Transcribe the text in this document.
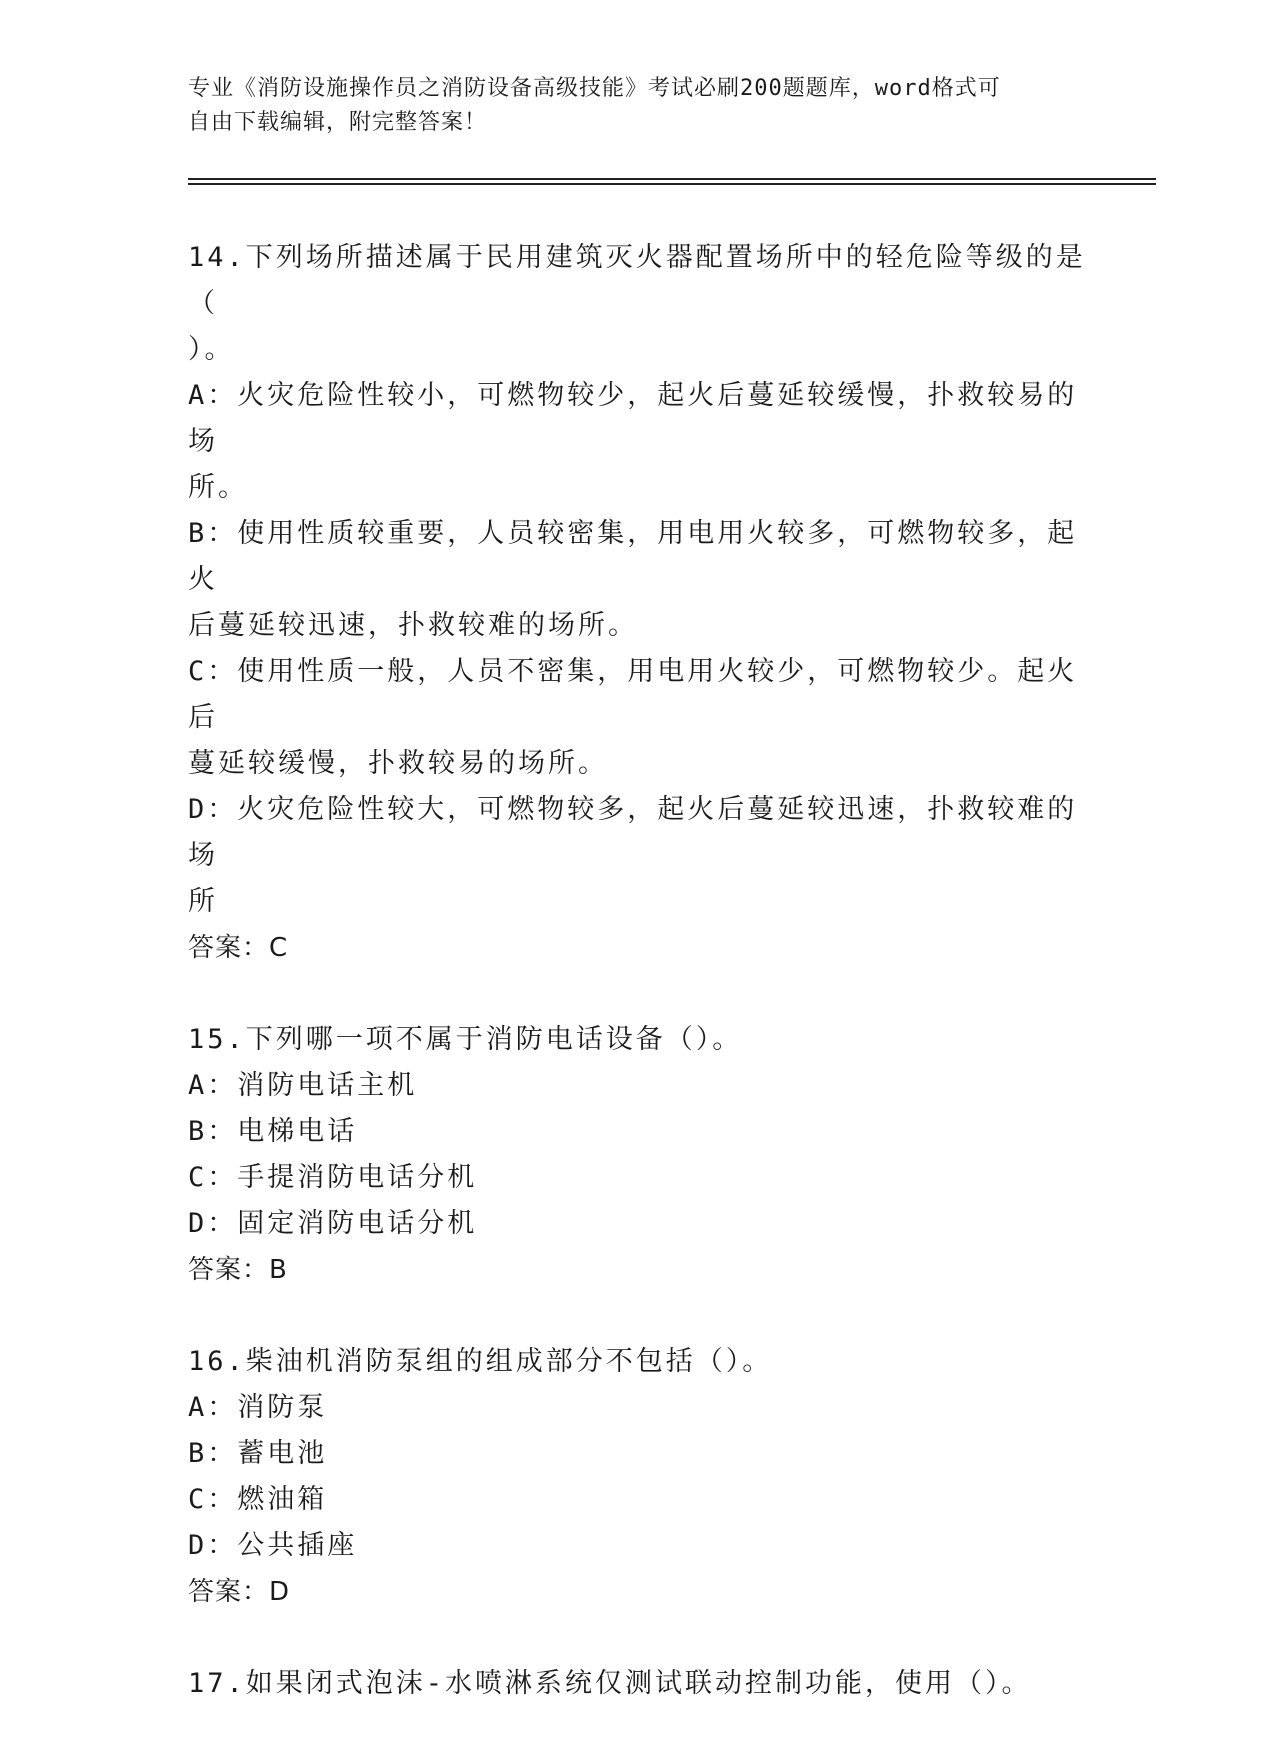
专业《消防设施操作员之消防设备高级技能》考试必刷200题题库，word格式可
自由下载编辑，附完整答案！
14.下列场所描述属于民用建筑灭火器配置场所中的轻危险等级的是（
）。
A：火灾危险性较小，可燃物较少，起火后蔓延较缓慢，扑救较易的场
所。
B：使用性质较重要，人员较密集，用电用火较多，可燃物较多，起火
后蔓延较迅速，扑救较难的场所。
C：使用性质一般，人员不密集，用电用火较少，可燃物较少。起火后
蔓延较缓慢，扑救较易的场所。
D：火灾危险性较大，可燃物较多，起火后蔓延较迅速，扑救较难的场
所
答案：C
15.下列哪一项不属于消防电话设备（）。
A：消防电话主机
B：电梯电话
C：手提消防电话分机
D：固定消防电话分机
答案：B
16.柴油机消防泵组的组成部分不包括（）。
A：消防泵
B：蓄电池
C：燃油箱
D：公共插座
答案：D
17.如果闭式泡沫-水喷淋系统仅测试联动控制功能，使用（）。
